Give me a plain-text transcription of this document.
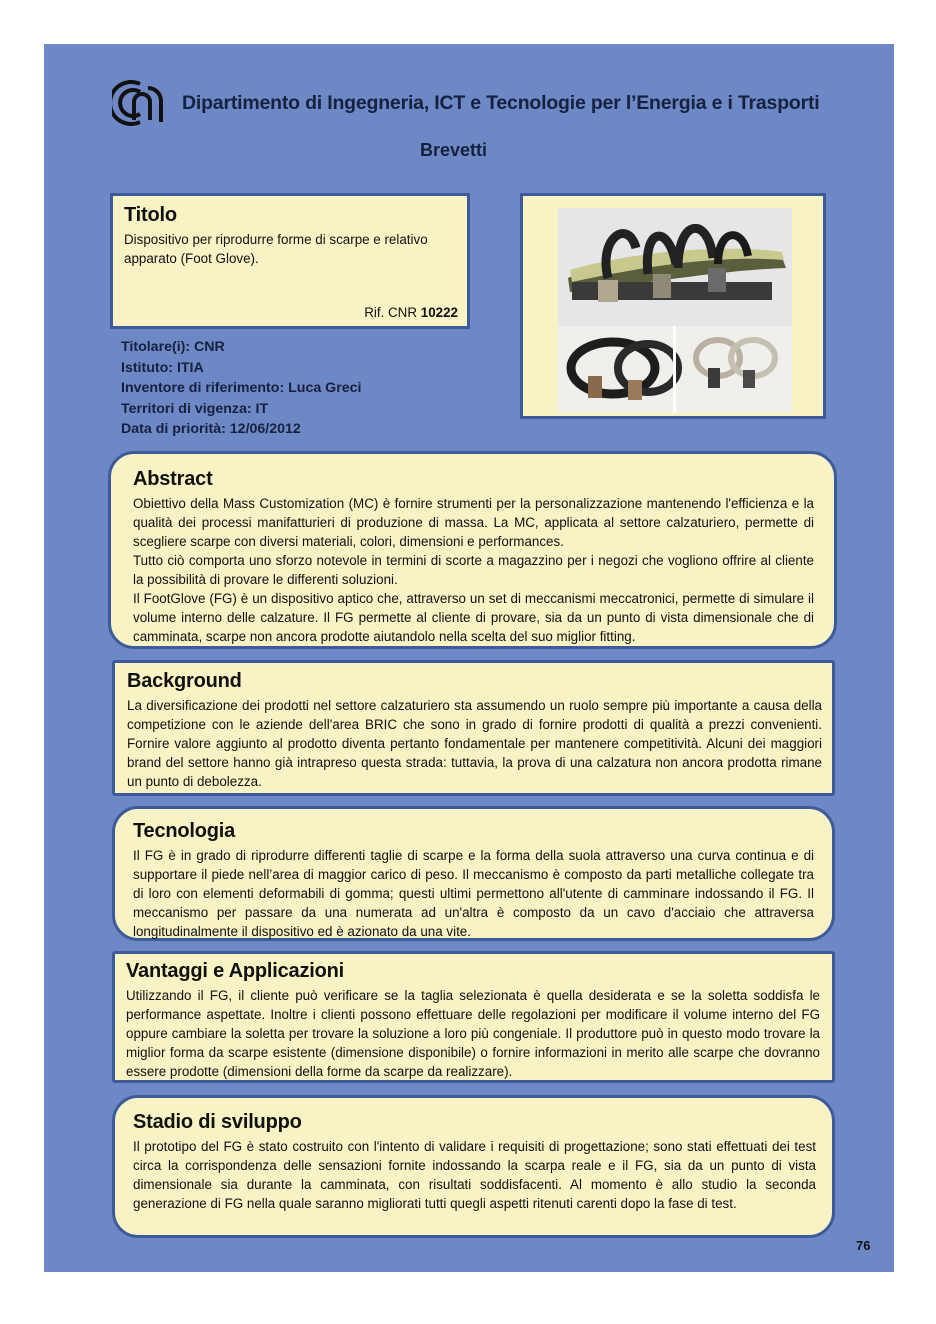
Dipartimento di Ingegneria, ICT e Tecnologie per l’Energia e i Trasporti
Brevetti
Titolo

Dispositivo per riprodurre forme di scarpe e relativo apparato (Foot Glove).

Rif. CNR 10222
Titolare(i): CNR
Istituto: ITIA
Inventore di riferimento: Luca Greci
Territori di vigenza: IT
Data di priorità: 12/06/2012
Abstract

Obiettivo della Mass Customization (MC) è fornire strumenti per la personalizzazione mantenendo l'efficienza e la qualità dei processi manifatturieri di produzione di massa. La MC, applicata al settore calzaturiero, permette di scegliere scarpe con diversi materiali, colori, dimensioni e performances.

Tutto ciò comporta uno sforzo notevole in termini di scorte a magazzino per i negozi che vogliono offrire al cliente la possibilità di provare le differenti soluzioni.

Il FootGlove (FG) è un dispositivo aptico che, attraverso un set di meccanismi meccatronici, permette di simulare il volume interno delle calzature. Il FG permette al cliente di provare, sia da un punto di vista dimensionale che di camminata, scarpe non ancora prodotte aiutandolo nella scelta del suo miglior fitting.

Background

La diversificazione dei prodotti nel settore calzaturiero sta assumendo un ruolo sempre più importante a causa della competizione con le aziende dell'area BRIC che sono in grado di fornire prodotti di qualità a prezzi convenienti. Fornire valore aggiunto al prodotto diventa pertanto fondamentale per mantenere competitività. Alcuni dei maggiori brand del settore hanno già intrapreso questa strada: tuttavia, la prova di una calzatura non ancora prodotta rimane un punto di debolezza.

Tecnologia

Il FG è in grado di riprodurre differenti taglie di scarpe e la forma della suola attraverso una curva continua e di supportare il piede nell’area di maggior carico di peso. Il meccanismo è composto da parti metalliche collegate tra di loro con elementi deformabili di gomma; questi ultimi permettono all'utente di camminare indossando il FG. Il meccanismo per passare da una numerata ad un'altra è composto da un cavo d'acciaio che attraversa longitudinalmente il dispositivo ed è azionato da una vite.

Vantaggi e Applicazioni

Utilizzando il FG, il cliente può verificare se la taglia selezionata è quella desiderata e se la soletta soddisfa le performance aspettate. Inoltre i clienti possono effettuare delle regolazioni per modificare il volume interno del FG oppure cambiare la soletta per trovare la soluzione a loro più congeniale. Il produttore può in questo modo trovare la miglior forma da scarpe esistente (dimensione disponibile) o fornire informazioni in merito alle scarpe che dovranno essere prodotte (dimensioni della forme da scarpe da realizzare).

Stadio di sviluppo

Il prototipo del FG è stato costruito con l'intento di validare i requisiti di progettazione; sono stati effettuati dei test circa la corrispondenza delle sensazioni fornite indossando la scarpa reale e il FG, sia da un punto di vista dimensionale sia durante la camminata, con risultati soddisfacenti. Al momento è allo studio la seconda generazione di FG nella quale saranno migliorati tutti quegli aspetti ritenuti carenti dopo la fase di test.

76
